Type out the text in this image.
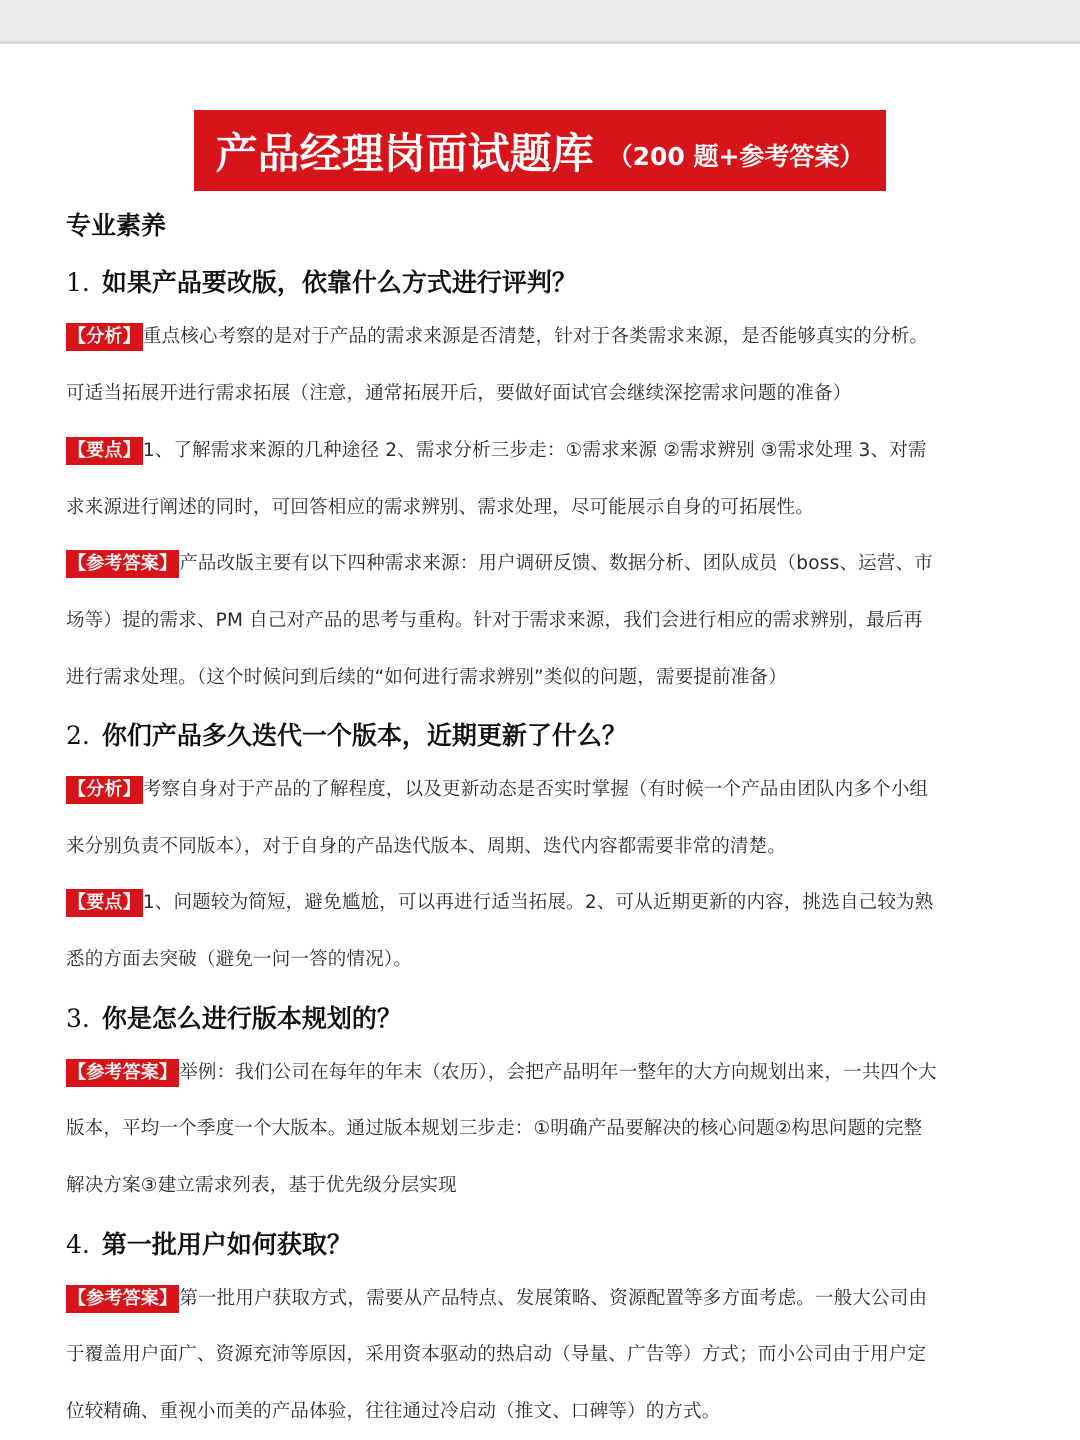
产品经理岗面试题库 （200 题+参考答案）
专业素养
1. 如果产品要改版，依靠什么方式进行评判？
【分析】 重点核心考察的是对于产品的需求来源是否清楚，针对于各类需求来源，是否能够真实的分析。
可适当拓展开进行需求拓展（注意，通常拓展开后，要做好面试官会继续深挖需求问题的准备）
【要点】 1、了解需求来源的几种途径 2、需求分析三步走：①需求来源 ②需求辨别 ③需求处理 3、对需
求来源进行阐述的同时，可回答相应的需求辨别、需求处理，尽可能展示自身的可拓展性。
【参考答案】 产品改版主要有以下四种需求来源：用户调研反馈、数据分析、团队成员（boss、运营、市
场等）提的需求、PM 自己对产品的思考与重构。针对于需求来源，我们会进行相应的需求辨别，最后再
进行需求处理。（这个时候问到后续的“如何进行需求辨别”类似的问题，需要提前准备）
2. 你们产品多久迭代一个版本，近期更新了什么？
【分析】 考察自身对于产品的了解程度，以及更新动态是否实时掌握（有时候一个产品由团队内多个小组
来分别负责不同版本），对于自身的产品迭代版本、周期、迭代内容都需要非常的清楚。
【要点】 1、问题较为简短，避免尴尬，可以再进行适当拓展。2、可从近期更新的内容，挑选自己较为熟
悉的方面去突破（避免一问一答的情况）。
3. 你是怎么进行版本规划的？
【参考答案】 举例：我们公司在每年的年末（农历），会把产品明年一整年的大方向规划出来，一共四个大
版本，平均一个季度一个大版本。通过版本规划三步走：①明确产品要解决的核心问题②构思问题的完整
解决方案③建立需求列表，基于优先级分层实现
4. 第一批用户如何获取？
【参考答案】 第一批用户获取方式，需要从产品特点、发展策略、资源配置等多方面考虑。一般大公司由
于覆盖用户面广、资源充沛等原因，采用资本驱动的热启动（导量、广告等）方式；而小公司由于用户定
位较精确、重视小而美的产品体验，往往通过冷启动（推文、口碑等）的方式。
